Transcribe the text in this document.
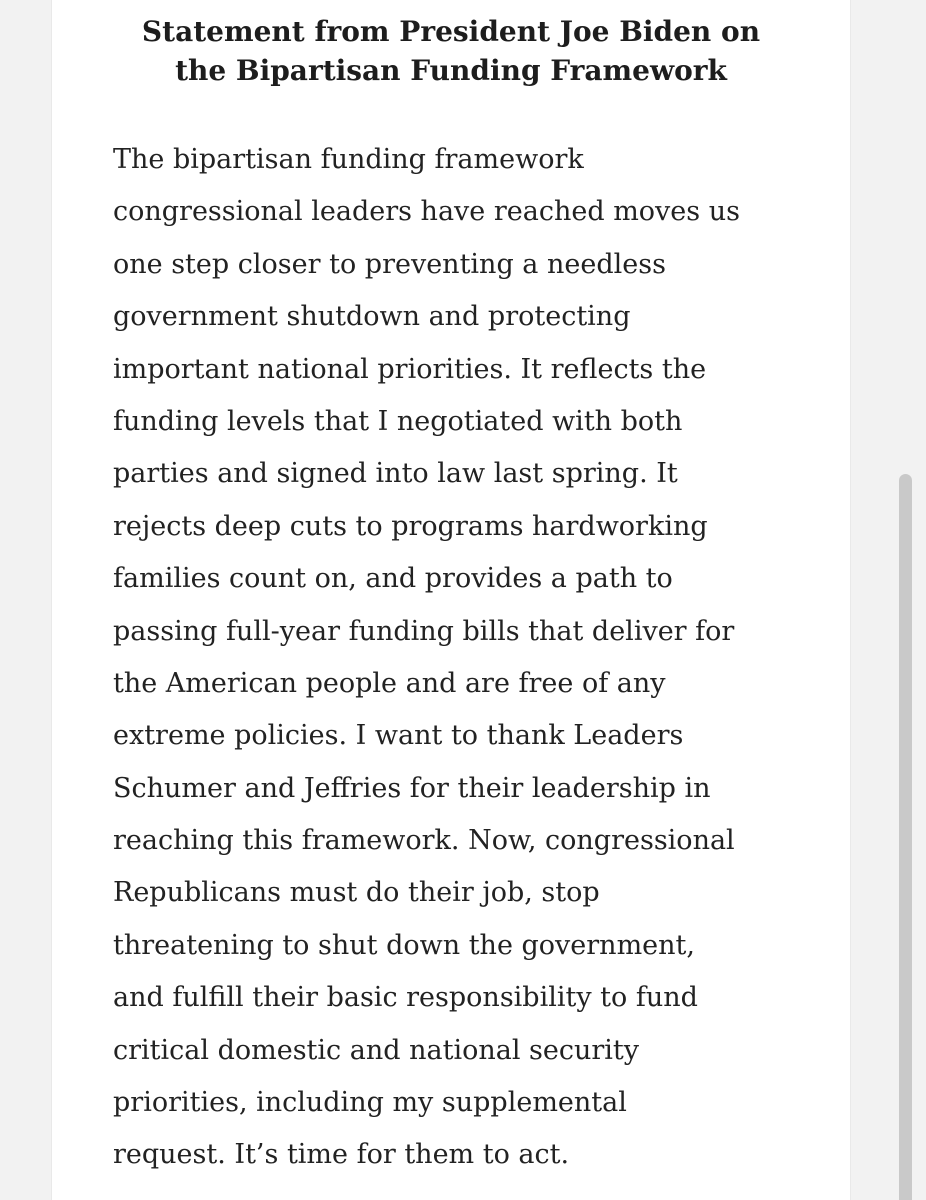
Statement from President Joe Biden on
the Bipartisan Funding Framework

The bipartisan funding framework
congressional leaders have reached moves us
one step closer to preventing a needless
government shutdown and protecting
important national priorities. It reflects the
funding levels that I negotiated with both
parties and signed into law last spring. It
rejects deep cuts to programs hardworking
families count on, and provides a path to
passing full-year funding bills that deliver for
the American people and are free of any
extreme policies. I want to thank Leaders
Schumer and Jeffries for their leadership in
reaching this framework. Now, congressional
Republicans must do their job, stop
threatening to shut down the government,
and fulfill their basic responsibility to fund
critical domestic and national security
priorities, including my supplemental
request. It’s time for them to act.
